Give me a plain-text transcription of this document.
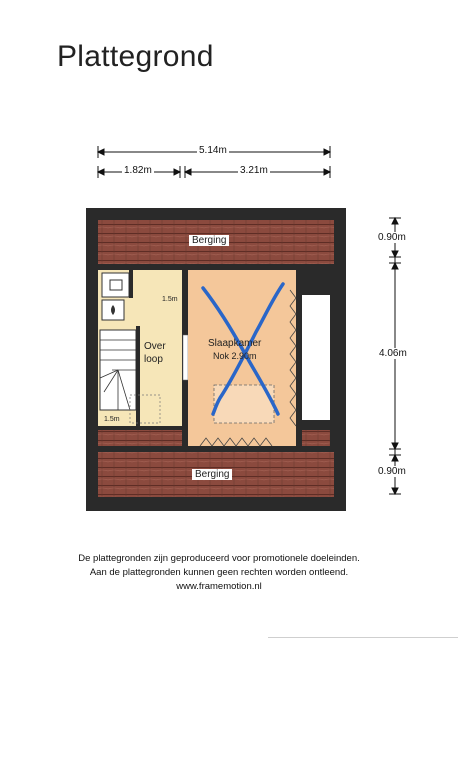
Plattegrond
5.14m
1.82m	3.21m
0.90m
4.06m
0.90m
Berging
Berging
Over
loop
Slaapkamer
Nok 2.90m
1.5m
1.5m
De plattegronden zijn geproduceerd voor promotionele doeleinden.
Aan de plattegronden kunnen geen rechten worden ontleend.
www.framemotion.nl
